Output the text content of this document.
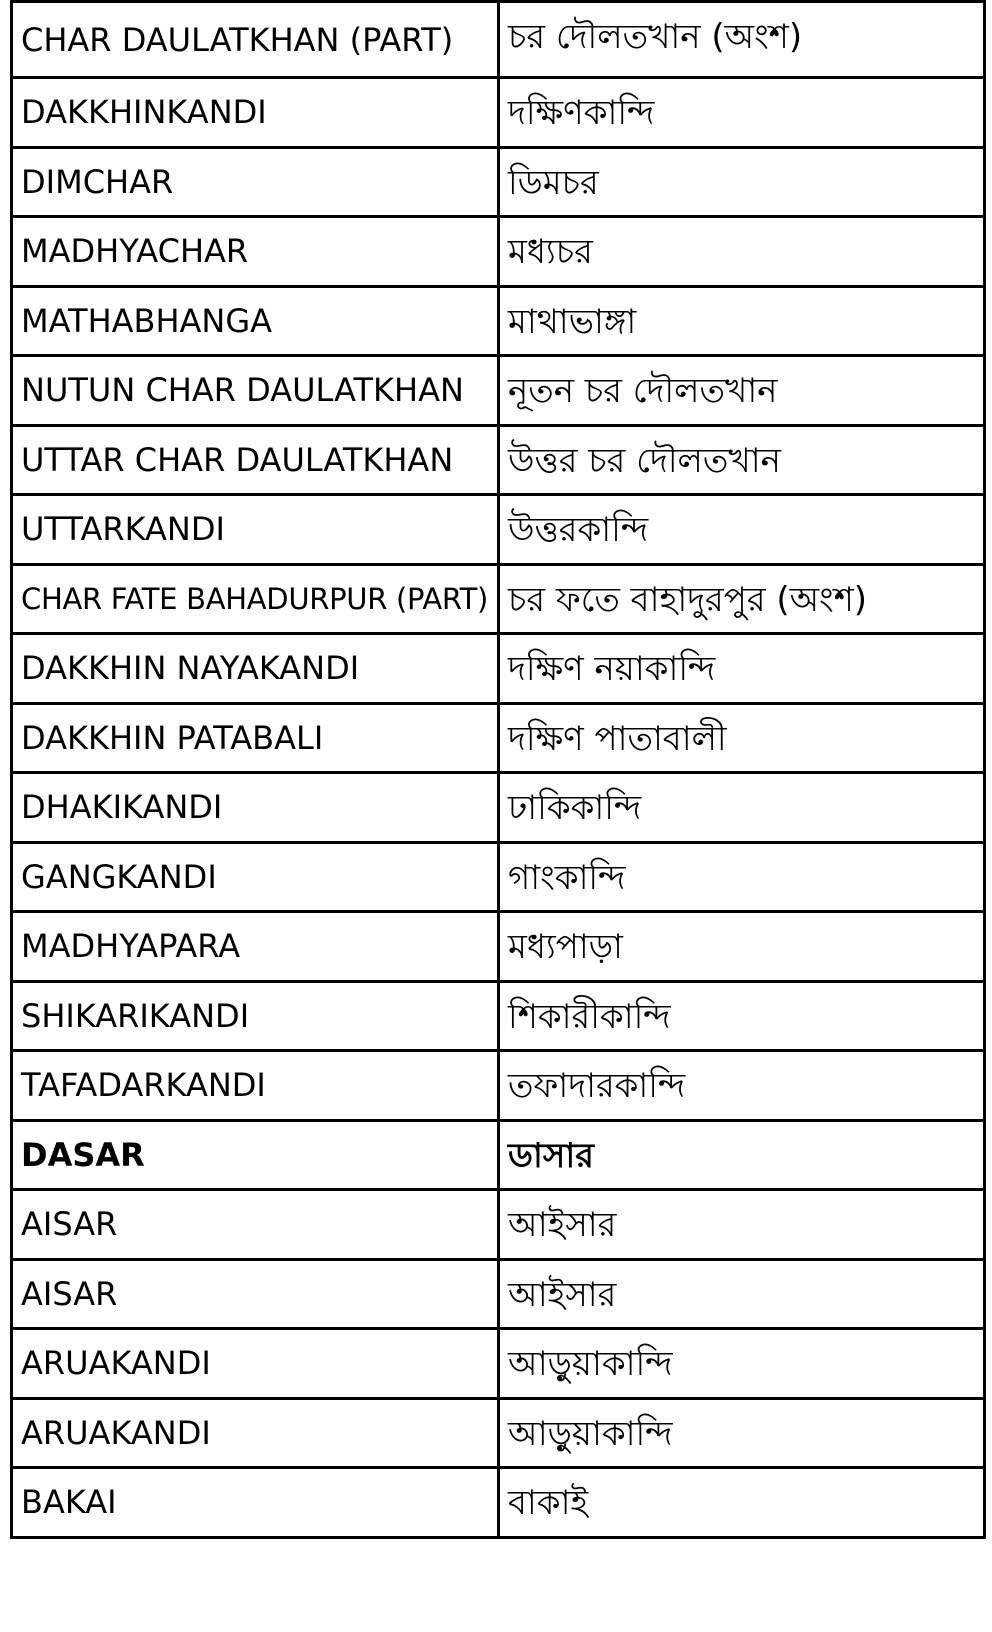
CHAR DAULATKHAN (PART)	চর দৌলতখান (অংশ)
DAKKHINKANDI	দক্ষিণকান্দি
DIMCHAR	ডিমচর
MADHYACHAR	মধ্যচর
MATHABHANGA	মাথাভাঙ্গা
NUTUN CHAR DAULATKHAN	নূতন চর দৌলতখান
UTTAR CHAR DAULATKHAN	উত্তর চর দৌলতখান
UTTARKANDI	উত্তরকান্দি
CHAR FATE BAHADURPUR (PART) চর ফতে বাহাদুরপুর (অংশ)
DAKKHIN NAYAKANDI	দক্ষিণ নয়াকান্দি
DAKKHIN PATABALI	দক্ষিণ পাতাবালী
DHAKIKANDI	ঢাকিকান্দি
GANGKANDI	গাংকান্দি
MADHYAPARA	মধ্যপাড়া
SHIKARIKANDI	শিকারীকান্দি
TAFADARKANDI	তফাদারকান্দি
DASAR	ডাসার
AISAR	আইসার
AISAR	আইসার
ARUAKANDI	আড়ুয়াকান্দি
ARUAKANDI	আড়ুয়াকান্দি
BAKAI	বাকাই
